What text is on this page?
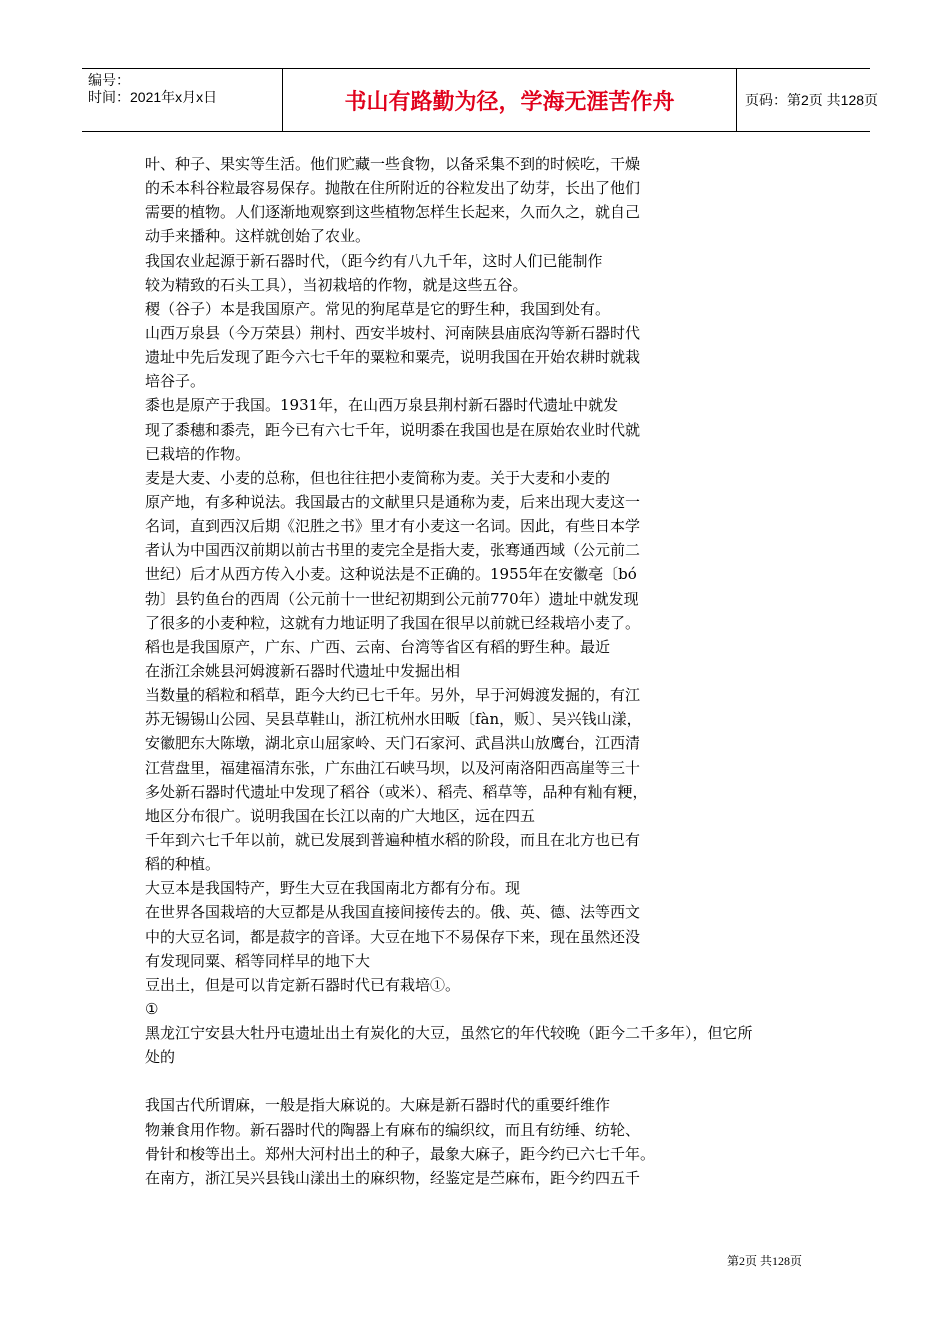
编号：
时间：2021年x月x日	书山有路勤为径，学海无涯苦作舟	页码：第2页 共128页
叶、种子、果实等生活。他们贮藏一些食物，以备采集不到的时候吃，干燥
的禾本科谷粒最容易保存。抛散在住所附近的谷粒发出了幼芽，长出了他们
需要的植物。人们逐渐地观察到这些植物怎样生长起来，久而久之，就自己
动手来播种。这样就创始了农业。
我国农业起源于新石器时代，（距今约有八九千年，这时人们已能制作
较为精致的石头工具），当初栽培的作物，就是这些五谷。
稷（谷子）本是我国原产。常见的狗尾草是它的野生种，我国到处有。
山西万泉县（今万荣县）荆村、西安半坡村、河南陕县庙底沟等新石器时代
遗址中先后发现了距今六七千年的粟粒和粟壳，说明我国在开始农耕时就栽
培谷子。
黍也是原产于我国。1931年，在山西万泉县荆村新石器时代遗址中就发
现了黍穗和黍壳，距今已有六七千年，说明黍在我国也是在原始农业时代就
已栽培的作物。
麦是大麦、小麦的总称，但也往往把小麦简称为麦。关于大麦和小麦的
原产地，有多种说法。我国最古的文献里只是通称为麦，后来出现大麦这一
名词，直到西汉后期《氾胜之书》里才有小麦这一名词。因此，有些日本学
者认为中国西汉前期以前古书里的麦完全是指大麦，张骞通西域（公元前二
世纪）后才从西方传入小麦。这种说法是不正确的。1955年在安徽亳〔bó
勃〕县钓鱼台的西周（公元前十一世纪初期到公元前770年）遗址中就发现
了很多的小麦种粒，这就有力地证明了我国在很早以前就已经栽培小麦了。
稻也是我国原产，广东、广西、云南、台湾等省区有稻的野生种。最近
在浙江余姚县河姆渡新石器时代遗址中发掘出相
当数量的稻粒和稻草，距今大约已七千年。另外，早于河姆渡发掘的，有江
苏无锡锡山公园、吴县草鞋山，浙江杭州水田畈〔fàn，贩〕、吴兴钱山漾，
安徽肥东大陈墩，湖北京山屈家岭、天门石家河、武昌洪山放鹰台，江西清
江营盘里，福建福清东张，广东曲江石峡马坝，以及河南洛阳西高崖等三十
多处新石器时代遗址中发现了稻谷（或米）、稻壳、稻草等，品种有籼有粳，
地区分布很广。说明我国在长江以南的广大地区，远在四五
千年到六七千年以前，就已发展到普遍种植水稻的阶段，而且在北方也已有
稻的种植。
大豆本是我国特产，野生大豆在我国南北方都有分布。现
在世界各国栽培的大豆都是从我国直接间接传去的。俄、英、德、法等西文
中的大豆名词，都是菽字的音译。大豆在地下不易保存下来，现在虽然还没
有发现同粟、稻等同样早的地下大
豆出土，但是可以肯定新石器时代已有栽培①。
①
黑龙江宁安县大牡丹屯遗址出土有炭化的大豆，虽然它的年代较晚（距今二千多年），但它所
处的
我国古代所谓麻，一般是指大麻说的。大麻是新石器时代的重要纤维作
物兼食用作物。新石器时代的陶器上有麻布的编织纹，而且有纺缍、纺轮、
骨针和梭等出土。郑州大河村出土的种子，最象大麻子，距今约已六七千年。
在南方，浙江吴兴县钱山漾出土的麻织物，经鉴定是苎麻布，距今约四五千
第2页 共128页
